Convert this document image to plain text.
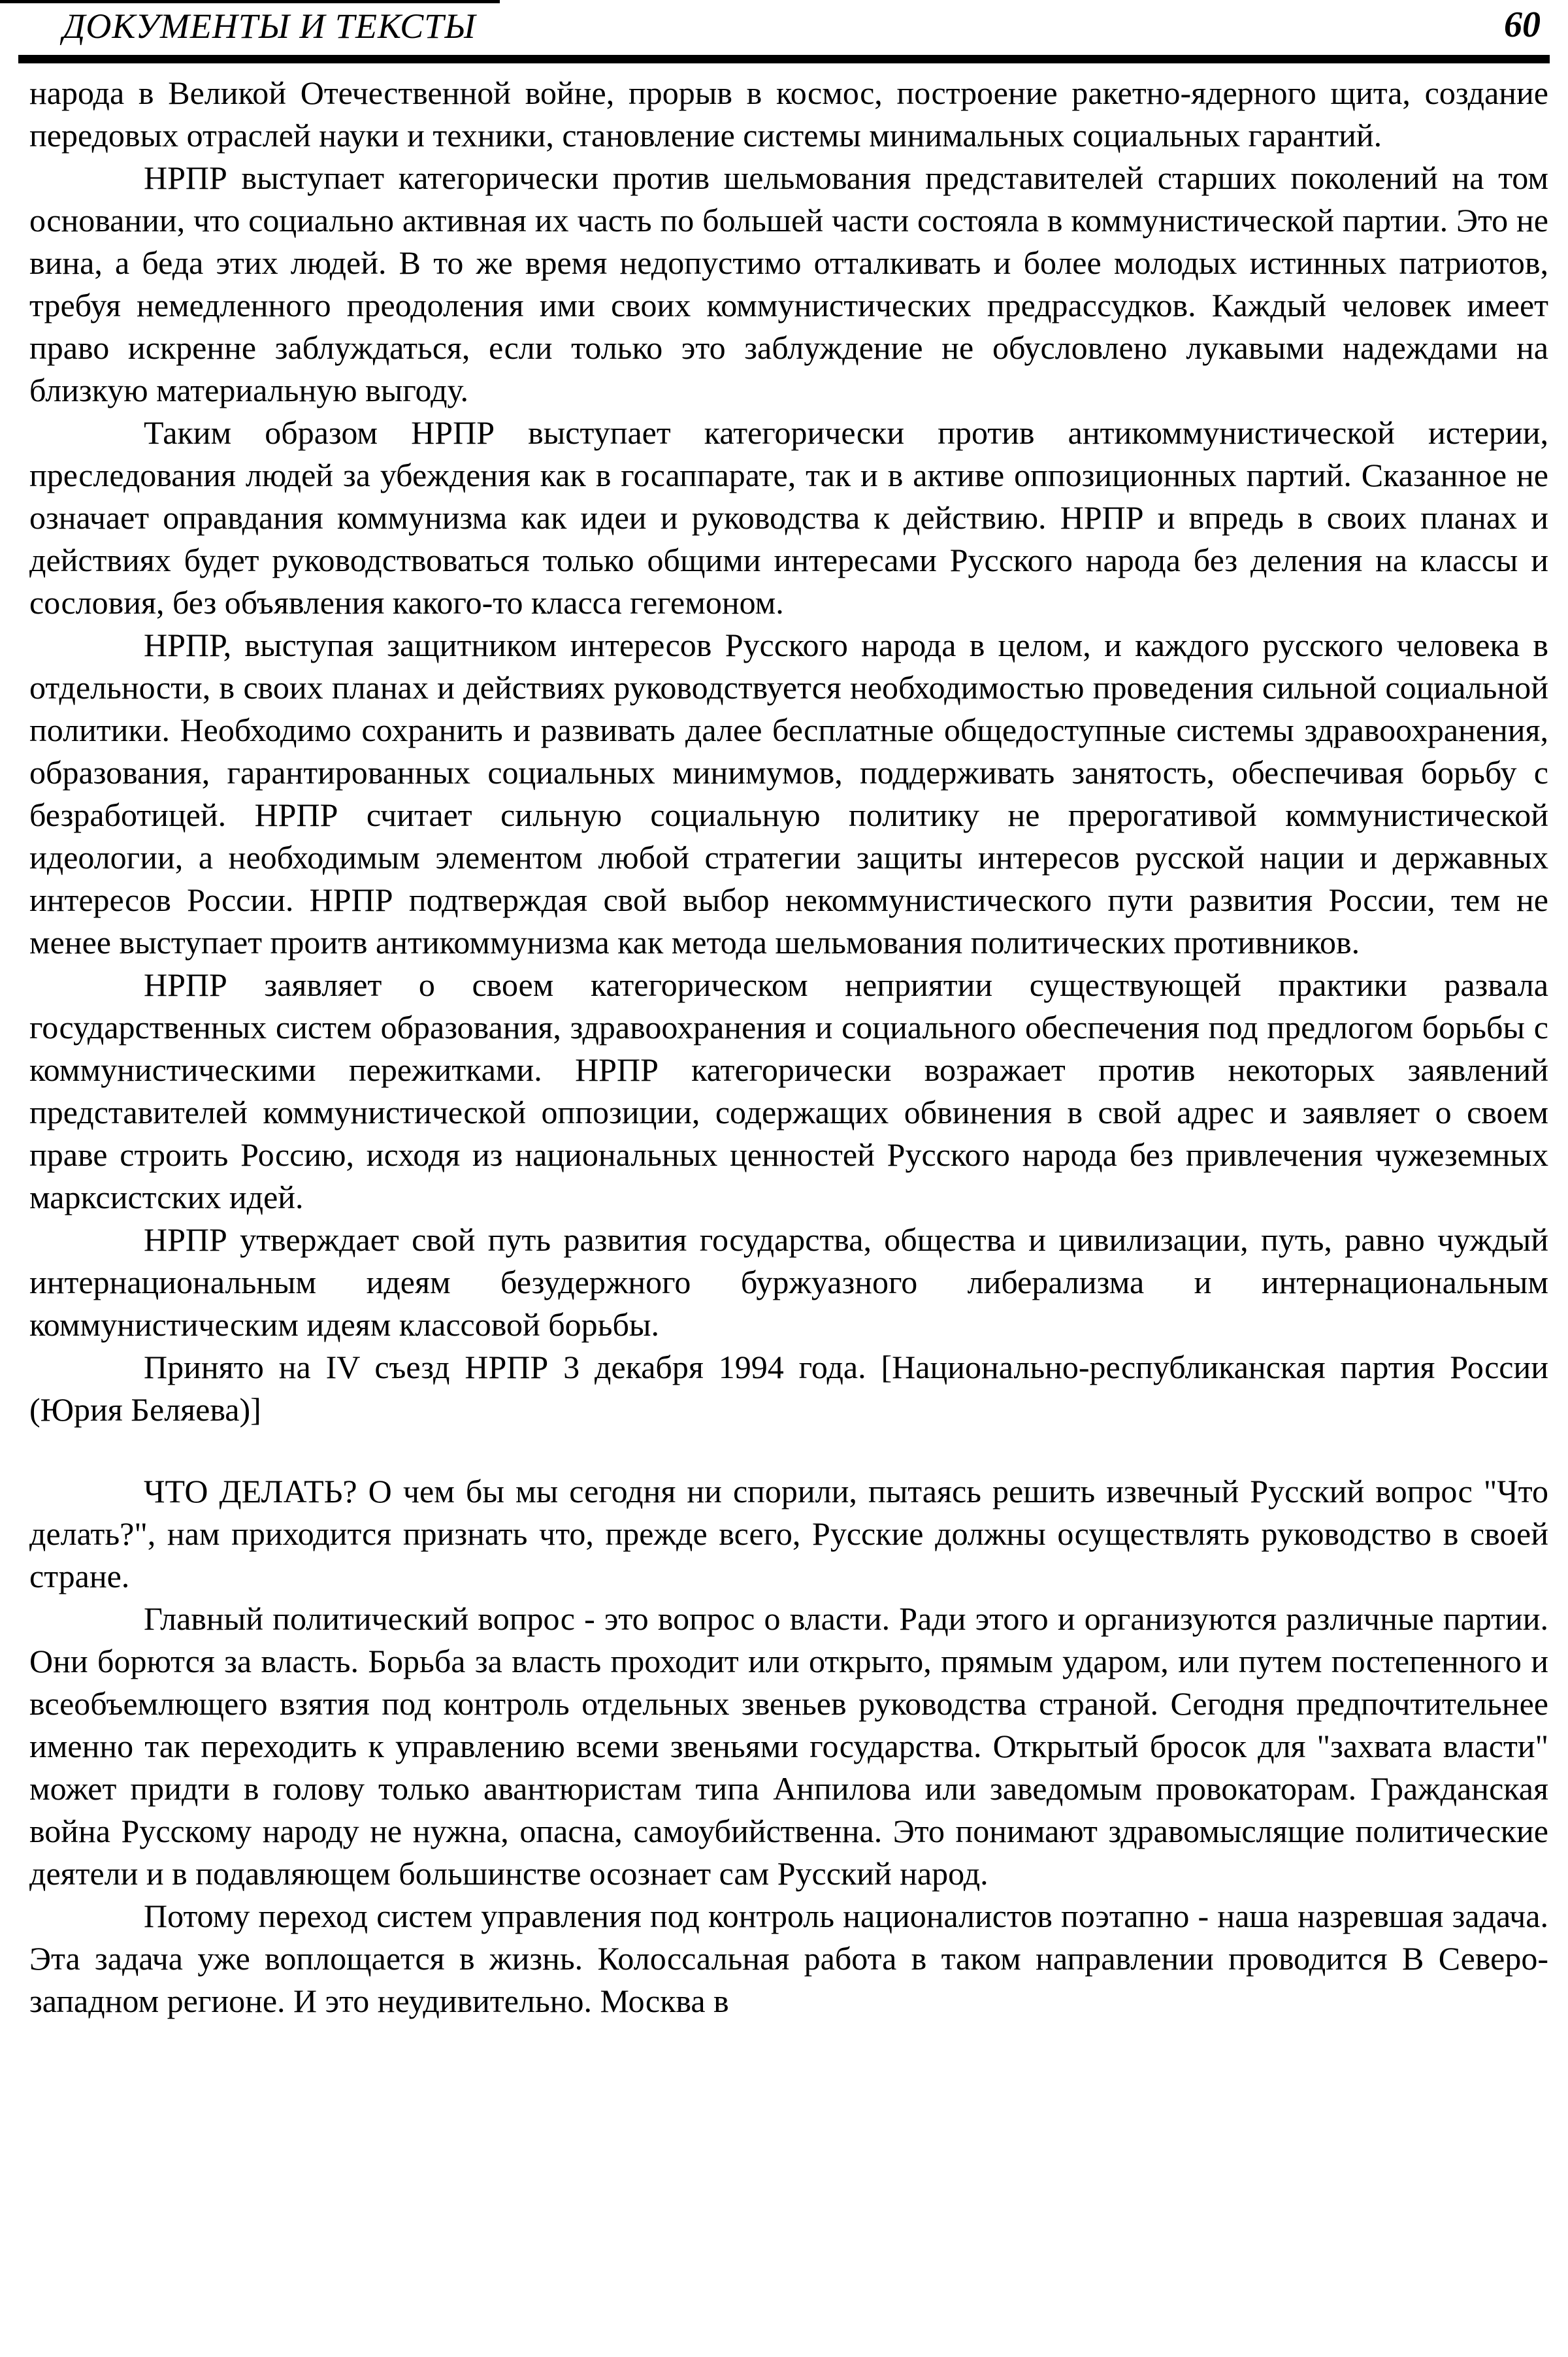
ДОКУМЕНТЫ И ТЕКСТЫ	60

народа в Великой Отечественной войне, прорыв в космос, построение ракетно-ядерного щита, создание передовых отраслей науки и техники, становление системы минимальных социальных гарантий.

НРПР выступает категорически против шельмования представителей старших поколений на том основании, что социально активная их часть по большей части состояла в коммунистической партии. Это не вина, а беда этих людей. В то же время недопустимо отталкивать и более молодых истинных патриотов, требуя немедленного преодоления ими своих коммунистических предрассудков. Каждый человек имеет право искренне заблуждаться, если только это заблуждение не обусловлено лукавыми надеждами на близкую материальную выгоду.

Таким образом НРПР выступает категорически против антикоммунистической истерии, преследования людей за убеждения как в госаппарате, так и в активе оппозиционных партий. Сказанное не означает оправдания коммунизма как идеи и руководства к действию. НРПР и впредь в своих планах и действиях будет руководствоваться только общими интересами Русского народа без деления на классы и сословия, без объявления какого-то класса гегемоном.

НРПР, выступая защитником интересов Русского народа в целом, и каждого русского человека в отдельности, в своих планах и действиях руководствуется необходимостью проведения сильной социальной политики. Необходимо сохранить и развивать далее бесплатные общедоступные системы здравоохранения, образования, гарантированных социальных минимумов, поддерживать занятость, обеспечивая борьбу с безработицей. НРПР считает сильную социальную политику не прерогативой коммунистической идеологии, а необходимым элементом любой стратегии защиты интересов русской нации и державных интересов России. НРПР подтверждая свой выбор некоммунистического пути развития России, тем не менее выступает проитв антикоммунизма как метода шельмования политических противников.

НРПР заявляет о своем категорическом неприятии существующей практики развала государственных систем образования, здравоохранения и социального обеспечения под предлогом борьбы с коммунистическими пережитками. НРПР категорически возражает против некоторых заявлений представителей коммунистической оппозиции, содержащих обвинения в свой адрес и заявляет о своем праве строить Россию, исходя из национальных ценностей Русского народа без привлечения чужеземных марксистских идей.

НРПР утверждает свой путь развития государства, общества и цивилизации, путь, равно чуждый интернациональным идеям безудержного буржуазного либерализма и интернациональным коммунистическим идеям классовой борьбы.

Принято на IV съезд НРПР 3 декабря 1994 года. [Национально-республиканская партия России (Юрия Беляева)]

ЧТО ДЕЛАТЬ? О чем бы мы сегодня ни спорили, пытаясь решить извечный Русский вопрос "Что делать?", нам приходится признать что, прежде всего, Русские должны осуществлять руководство в своей стране.

Главный политический вопрос - это вопрос о власти. Ради этого и организуются различные партии. Они борются за власть. Борьба за власть проходит или открыто, прямым ударом, или путем постепенного и всеобъемлющего взятия под контроль отдельных звеньев руководства страной. Сегодня предпочтительнее именно так переходить к управлению всеми звеньями государства. Открытый бросок для "захвата власти" может придти в голову только авантюристам типа Анпилова или заведомым провокаторам. Гражданская война Русскому народу не нужна, опасна, самоубийственна. Это понимают здравомыслящие политические деятели и в подавляющем большинстве осознает сам Русский народ.

Потому переход систем управления под контроль националистов поэтапно - наша назревшая задача. Эта задача уже воплощается в жизнь. Колоссальная работа в таком направлении проводится В Северо-западном регионе. И это неудивительно. Москва в
